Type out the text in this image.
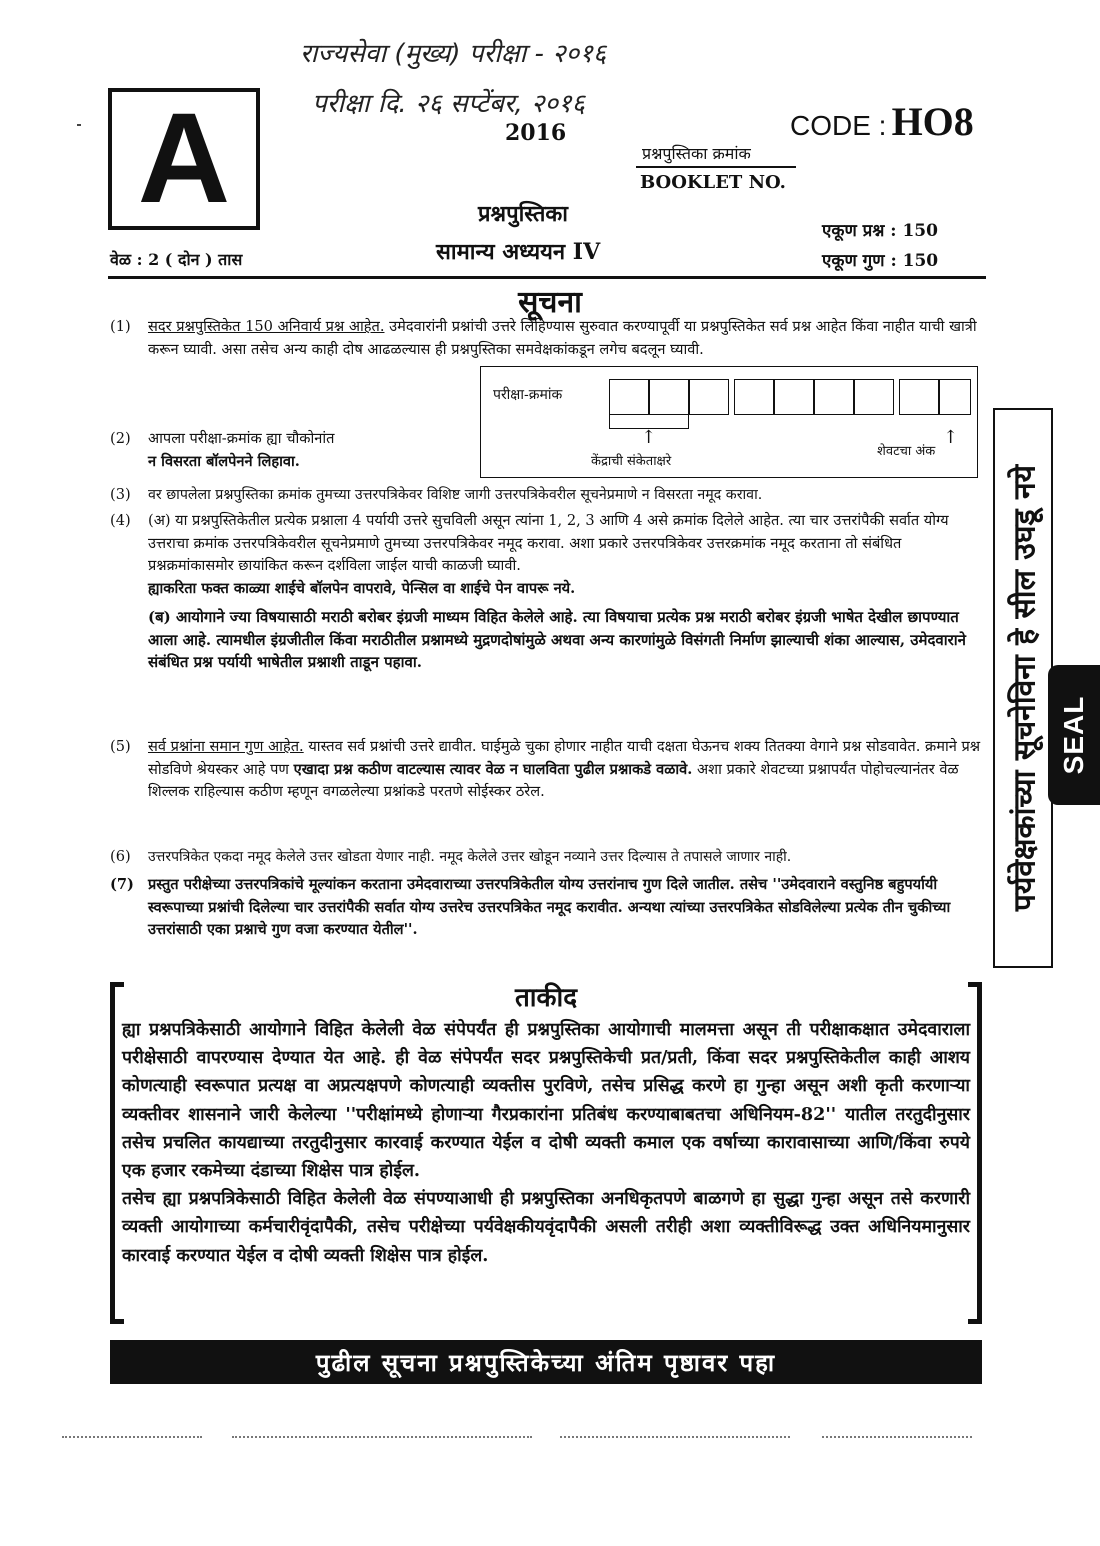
राज्यसेवा (मुख्य) परीक्षा - २०१६
परीक्षा दि. २६ सप्टेंबर, २०१६
A	CODE : HO8
2016
प्रश्नपुस्तिका क्रमांक
BOOKLET NO.
प्रश्नपुस्तिका
सामान्य अध्ययन IV
वेळ : 2 ( दोन ) तास
एकूण प्रश्न : 150
एकूण गुण : 150
सूचना
(1) सदर प्रश्नपुस्तिकेत 150 अनिवार्य प्रश्न आहेत. उमेदवारांनी प्रश्नांची उत्तरे लिहिण्यास सुरुवात करण्यापूर्वी या प्रश्नपुस्तिकेत सर्व प्रश्न आहेत किंवा नाहीत याची खात्री करून घ्यावी. असा तसेच अन्य काही दोष आढळल्यास ही प्रश्नपुस्तिका समवेक्षकांकडून लगेच बदलून घ्यावी.
परीक्षा-क्रमांक
↑
केंद्राची संकेताक्षरे
↑
शेवटचा अंक
(2) आपला परीक्षा-क्रमांक ह्या चौकोनांत
न विसरता बॉलपेनने लिहावा.
(3) वर छापलेला प्रश्नपुस्तिका क्रमांक तुमच्या उत्तरपत्रिकेवर विशिष्ट जागी उत्तरपत्रिकेवरील सूचनेप्रमाणे न विसरता नमूद करावा.
(4) (अ) या प्रश्नपुस्तिकेतील प्रत्येक प्रश्नाला 4 पर्यायी उत्तरे सुचविली असून त्यांना 1, 2, 3 आणि 4 असे क्रमांक दिलेले आहेत. त्या चार उत्तरांपैकी सर्वात योग्य उत्तराचा क्रमांक उत्तरपत्रिकेवरील सूचनेप्रमाणे तुमच्या उत्तरपत्रिकेवर नमूद करावा. अशा प्रकारे उत्तरपत्रिकेवर उत्तरक्रमांक नमूद करताना तो संबंधित प्रश्नक्रमांकासमोर छायांकित करून दर्शविला जाईल याची काळजी घ्यावी.
ह्याकरिता फक्त काळ्या शाईचे बॉलपेन वापरावे, पेन्सिल वा शाईचे पेन वापरू नये.
(ब) आयोगाने ज्या विषयासाठी मराठी बरोबर इंग्रजी माध्यम विहित केलेले आहे. त्या विषयाचा प्रत्येक प्रश्न मराठी बरोबर इंग्रजी भाषेत देखील छापण्यात आला आहे. त्यामधील इंग्रजीतील किंवा मराठीतील प्रश्नामध्ये मुद्रणदोषांमुळे अथवा अन्य कारणांमुळे विसंगती निर्माण झाल्याची शंका आल्यास, उमेदवाराने संबंधित प्रश्न पर्यायी भाषेतील प्रश्नाशी ताडून पहावा.
(5) सर्व प्रश्नांना समान गुण आहेत. यास्तव सर्व प्रश्नांची उत्तरे द्यावीत. घाईमुळे चुका होणार नाहीत याची दक्षता घेऊनच शक्य तितक्या वेगाने प्रश्न सोडवावेत. क्रमाने प्रश्न सोडविणे श्रेयस्कर आहे पण एखादा प्रश्न कठीण वाटल्यास त्यावर वेळ न घालविता पुढील प्रश्नाकडे वळावे. अशा प्रकारे शेवटच्या प्रश्नापर्यंत पोहोचल्यानंतर वेळ शिल्लक राहिल्यास कठीण म्हणून वगळलेल्या प्रश्नांकडे परतणे सोईस्कर ठरेल.
(6) उत्तरपत्रिकेत एकदा नमूद केलेले उत्तर खोडता येणार नाही. नमूद केलेले उत्तर खोडून नव्याने उत्तर दिल्यास ते तपासले जाणार नाही.
(7) प्रस्तुत परीक्षेच्या उत्तरपत्रिकांचे मूल्यांकन करताना उमेदवाराच्या उत्तरपत्रिकेतील योग्य उत्तरांनाच गुण दिले जातील. तसेच ''उमेदवाराने वस्तुनिष्ठ बहुपर्यायी स्वरूपाच्या प्रश्नांची दिलेल्या चार उत्तरांपैकी सर्वात योग्य उत्तरेच उत्तरपत्रिकेत नमूद करावीत. अन्यथा त्यांच्या उत्तरपत्रिकेत सोडविलेल्या प्रत्येक तीन चुकीच्या उत्तरांसाठी एका प्रश्नाचे गुण वजा करण्यात येतील''.
पर्यवेक्षकांच्या सूचनेविना हे सील उघडू नये SEAL
ताकीद
ह्या प्रश्नपत्रिकेसाठी आयोगाने विहित केलेली वेळ संपेपर्यंत ही प्रश्नपुस्तिका आयोगाची मालमत्ता असून ती परीक्षाकक्षात उमेदवाराला परीक्षेसाठी वापरण्यास देण्यात येत आहे. ही वेळ संपेपर्यंत सदर प्रश्नपुस्तिकेची प्रत/प्रती, किंवा सदर प्रश्नपुस्तिकेतील काही आशय कोणत्याही स्वरूपात प्रत्यक्ष वा अप्रत्यक्षपणे कोणत्याही व्यक्तीस पुरविणे, तसेच प्रसिद्ध करणे हा गुन्हा असून अशी कृती करणाऱ्या व्यक्तीवर शासनाने जारी केलेल्या ''परीक्षांमध्ये होणाऱ्या गैरप्रकारांना प्रतिबंध करण्याबाबतचा अधिनियम-82'' यातील तरतुदीनुसार तसेच प्रचलित कायद्याच्या तरतुदीनुसार कारवाई करण्यात येईल व दोषी व्यक्ती कमाल एक वर्षाच्या कारावासाच्या आणि/किंवा रुपये एक हजार रकमेच्या दंडाच्या शिक्षेस पात्र होईल.
तसेच ह्या प्रश्नपत्रिकेसाठी विहित केलेली वेळ संपण्याआधी ही प्रश्नपुस्तिका अनधिकृतपणे बाळगणे हा सुद्धा गुन्हा असून तसे करणारी व्यक्ती आयोगाच्या कर्मचारीवृंदापैकी, तसेच परीक्षेच्या पर्यवेक्षकीयवृंदापैकी असली तरीही अशा व्यक्तीविरूद्ध उक्त अधिनियमानुसार कारवाई करण्यात येईल व दोषी व्यक्ती शिक्षेस पात्र होईल.
पुढील सूचना प्रश्नपुस्तिकेच्या अंतिम पृष्ठावर पहा
